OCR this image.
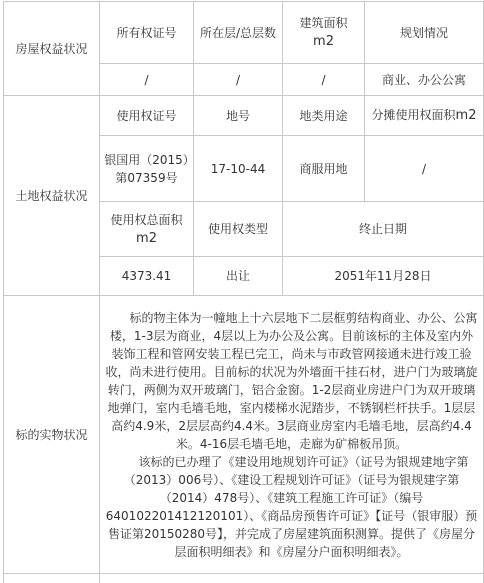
房屋权益状况	所有权证号	所在层/总层数	建筑面积
m2	规划情况
	/	/	/	商业、办公公寓
土地权益状况	使用权证号	地号	地类用途	分摊使用权面积m2
	银国用（2015）第07359号	17-10-44	商服用地	/
	使用权总面积
m2	使用权类型	终止日期	
	4373.41	出让	2051年11月28日	
标的实物状况	标的物主体为一幢地上十六层地下二层框剪结构商业、办公、公寓楼，1-3层为商业，4层以上为办公及公寓。目前该标的主体及室内外装饰工程和管网安装工程已完工，尚未与市政管网接通未进行竣工验收，尚未进行使用。目前标的状况为外墙面干挂石材，进户门为玻璃旋转门，两侧为双开玻璃门，铝合金窗。1-2层商业房进户门为双开玻璃地弹门，室内毛墙毛地，室内楼梯水泥踏步，不锈钢栏杆扶手。1层层高约4.9米，2层层高约4.4米。3层商业房室内毛墙毛地，层高约4.4米。4-16层毛墙毛地，走廊为矿棉板吊顶。

该标的已办理了《建设用地规划许可证》（证号为银规建地字第（2013）006号）、《建设工程规划许可证》（证号为银规建字第（2014）478号）、《建筑工程施工许可证》（编号640102201412120101）、《商品房预售许可证》【证号（银审服）预售证第20150280号】，并完成了房屋建筑面积测算。提供了《房屋分层面积明细表》和《房屋分户面积明细表》。			
